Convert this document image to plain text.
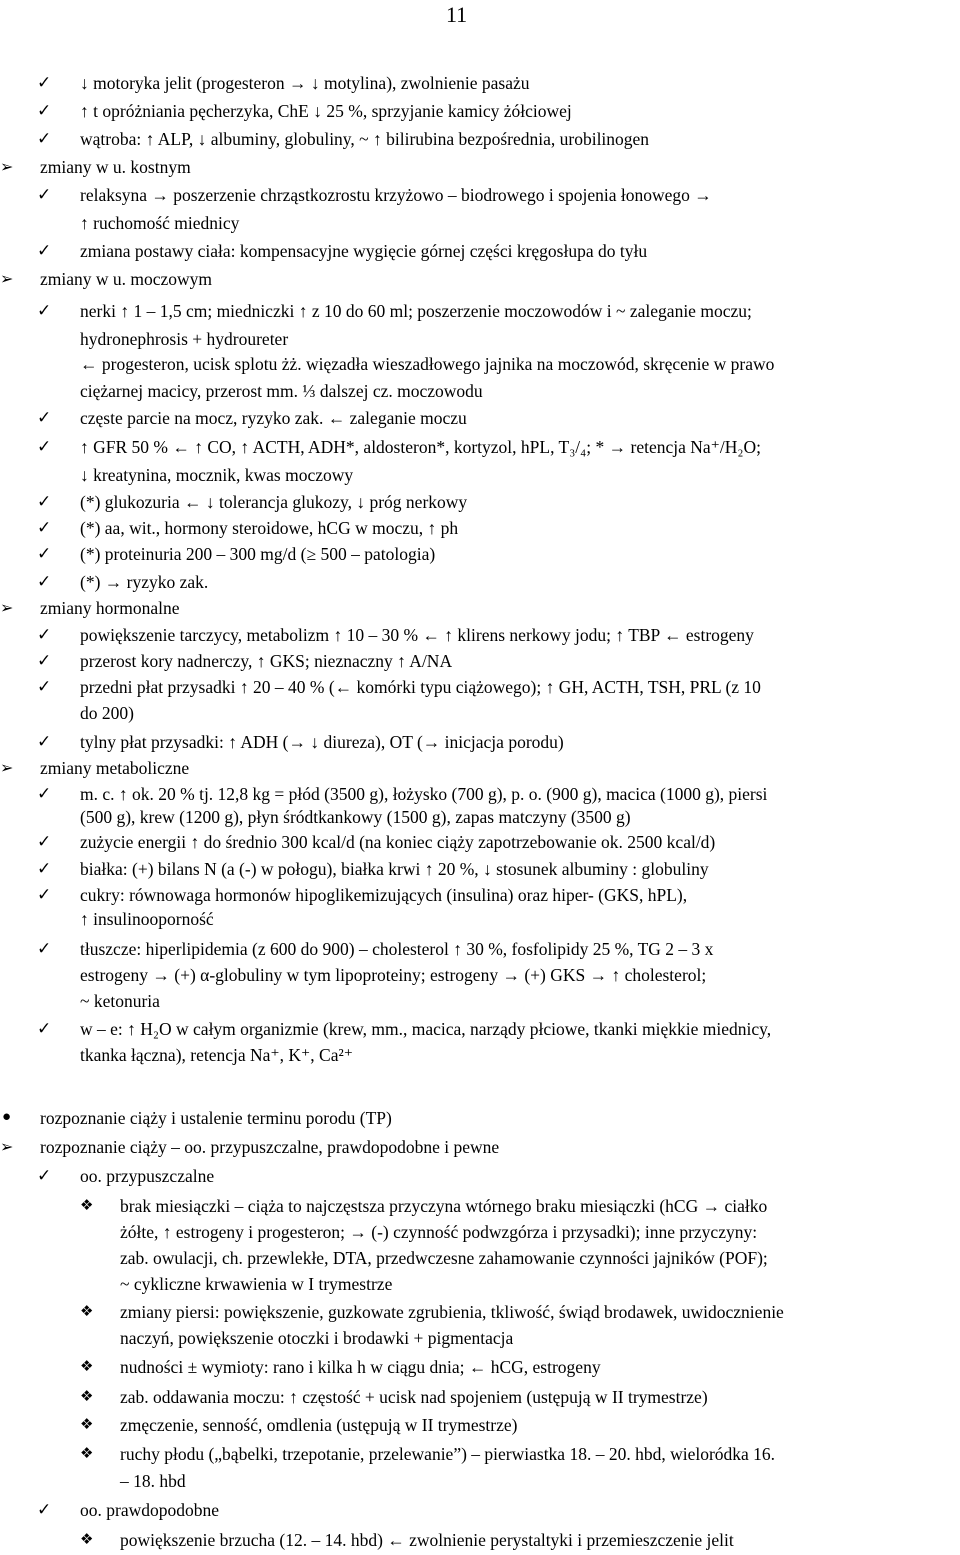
11
✓ ↓ motoryka jelit (progesteron → ↓ motylina), zwolnienie pasażu
✓ ↑ t opróżniania pęcherzyka, ChE ↓ 25 %, sprzyjanie kamicy żółciowej
✓ wątroba: ↑ ALP, ↓ albuminy, globuliny, ~ ↑ bilirubina bezpośrednia, urobilinogen
➢ zmiany w u. kostnym
✓ relaksyna → poszerzenie chrząstkozrostu krzyżowo – biodrowego i spojenia łonowego →
↑ ruchomość miednicy
✓ zmiana postawy ciała: kompensacyjne wygięcie górnej części kręgosłupa do tyłu
➢ zmiany w u. moczowym
✓ nerki ↑ 1 – 1,5 cm; miedniczki ↑ z 10 do 60 ml; poszerzenie moczowodów i ~ zaleganie moczu;
hydronephrosis + hydroureter
← progesteron, ucisk splotu żż. więzadła wieszadłowego jajnika na moczowód, skręcenie w prawo
ciężarnej macicy, przerost mm. ⅓ dalszej cz. moczowodu
✓ częste parcie na mocz, ryzyko zak. ← zaleganie moczu
✓ ↑ GFR 50 % ← ↑ CO, ↑ ACTH, ADH*, aldosteron*, kortyzol, hPL, T₃/₄; * → retencja Na⁺/H₂O;
↓ kreatynina, mocznik, kwas moczowy
✓ (*) glukozuria ← ↓ tolerancja glukozy, ↓ próg nerkowy
✓ (*) aa, wit., hormony steroidowe, hCG w moczu, ↑ ph
✓ (*) proteinuria 200 – 300 mg/d (≥ 500 – patologia)
✓ (*) → ryzyko zak.
➢ zmiany hormonalne
✓ powiększenie tarczycy, metabolizm ↑ 10 – 30 % ← ↑ klirens nerkowy jodu; ↑ TBP ← estrogeny
✓ przerost kory nadnerczy, ↑ GKS; nieznaczny ↑ A/NA
✓ przedni płat przysadki ↑ 20 – 40 % (← komórki typu ciążowego); ↑ GH, ACTH, TSH, PRL (z 10
do 200)
✓ tylny płat przysadki: ↑ ADH (→ ↓ diureza), OT (→ inicjacja porodu)
➢ zmiany metaboliczne
✓ m. c. ↑ ok. 20 % tj. 12,8 kg = płód (3500 g), łożysko (700 g), p. o. (900 g), macica (1000 g), piersi
(500 g), krew (1200 g), płyn śródtkankowy (1500 g), zapas matczyny (3500 g)
✓ zużycie energii ↑ do średnio 300 kcal/d (na koniec ciąży zapotrzebowanie ok. 2500 kcal/d)
✓ białka: (+) bilans N (a (-) w połogu), białka krwi ↑ 20 %, ↓ stosunek albuminy : globuliny
✓ cukry: równowaga hormonów hipoglikemizujących (insulina) oraz hiper- (GKS, hPL),
↑ insulinooporność
✓ tłuszcze: hiperlipidemia (z 600 do 900) – cholesterol ↑ 30 %, fosfolipidy 25 %, TG 2 – 3 x
estrogeny → (+) α-globuliny w tym lipoproteiny; estrogeny → (+) GKS → ↑ cholesterol;
~ ketonuria
✓ w – e: ↑ H₂O w całym organizmie (krew, mm., macica, narządy płciowe, tkanki miękkie miednicy,
tkanka łączna), retencja Na⁺, K⁺, Ca²⁺
● rozpoznanie ciąży i ustalenie terminu porodu (TP)
➢ rozpoznanie ciąży – oo. przypuszczalne, prawdopodobne i pewne
✓ oo. przypuszczalne
❖ brak miesiączki – ciąża to najczęstsza przyczyna wtórnego braku miesiączki (hCG → ciałko
żółte, ↑ estrogeny i progesteron; → (-) czynność podwzgórza i przysadki); inne przyczyny:
zab. owulacji, ch. przewlekłe, DTA, przedwczesne zahamowanie czynności jajników (POF);
~ cykliczne krwawienia w I trymestrze
❖ zmiany piersi: powiększenie, guzkowate zgrubienia, tkliwość, świąd brodawek, uwidocznienie
naczyń, powiększenie otoczki i brodawki + pigmentacja
❖ nudności ± wymioty: rano i kilka h w ciągu dnia; ← hCG, estrogeny
❖ zab. oddawania moczu: ↑ częstość + ucisk nad spojeniem (ustępują w II trymestrze)
❖ zmęczenie, senność, omdlenia (ustępują w II trymestrze)
❖ ruchy płodu („bąbelki, trzepotanie, przelewanie”) – pierwiastka 18. – 20. hbd, wieloródka 16.
– 18. hbd
✓ oo. prawdopodobne
❖ powiększenie brzucha (12. – 14. hbd) ← zwolnienie perystaltyki i przemieszczenie jelit
